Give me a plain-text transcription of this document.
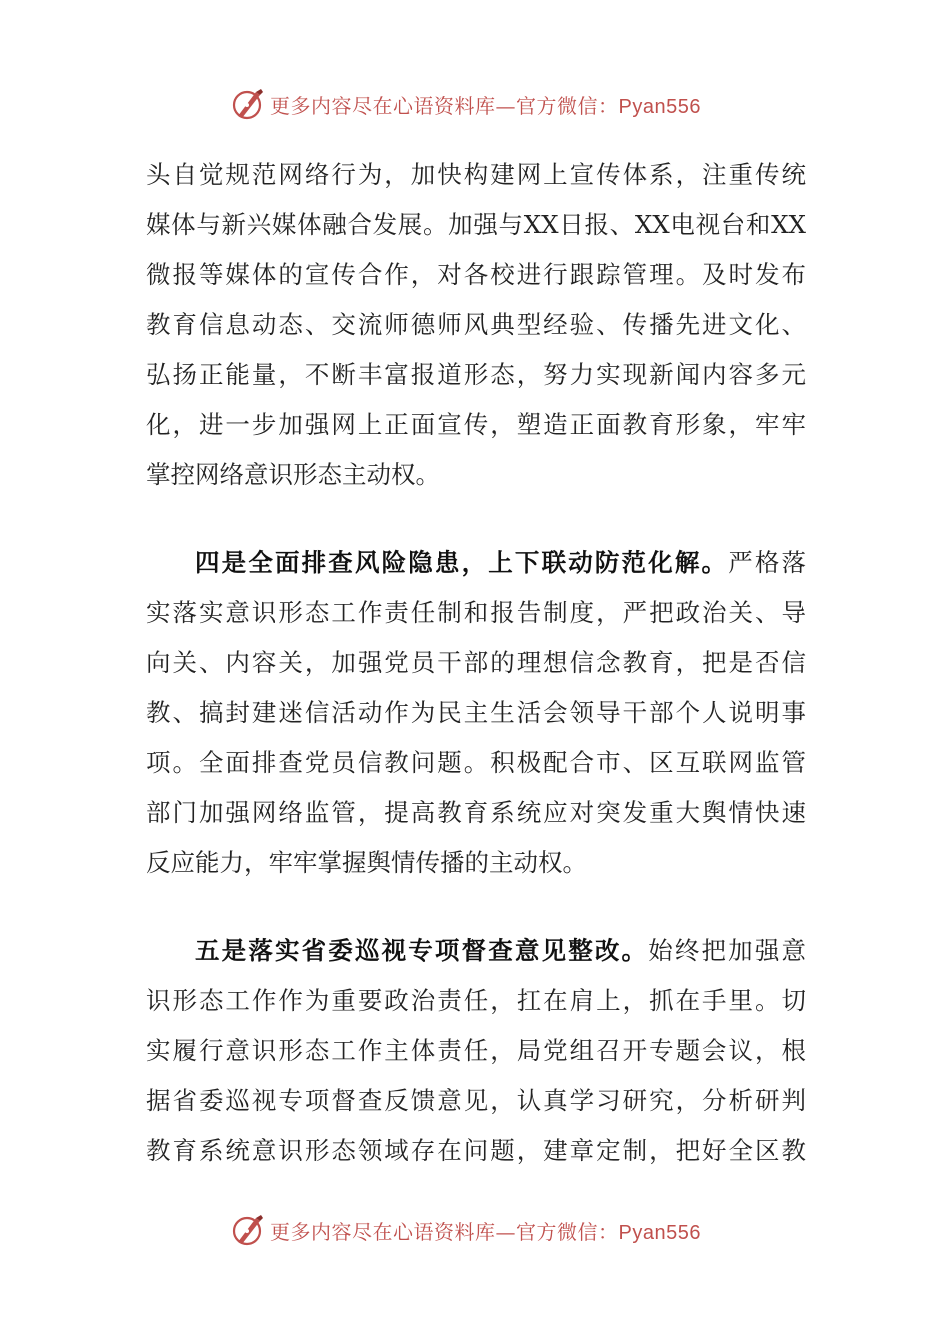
更多内容尽在心语资料库— 官方微信：Pyan556
头自觉规范网络行为，加快构建网上宣传体系，注重传统
媒体与新兴媒体融合发展。加强与XX日报、XX电视台和XX
微报等媒体的宣传合作，对各校进行跟踪管理。及时发布
教育信息动态、交流师德师风典型经验、传播先进文化、
弘扬正能量，不断丰富报道形态，努力实现新闻内容多元
化，进一步加强网上正面宣传，塑造正面教育形象，牢牢
掌控网络意识形态主动权。
四是全面排查风险隐患，上下联动防范化解。严格落
实落实意识形态工作责任制和报告制度，严把政治关、导
向关、内容关，加强党员干部的理想信念教育，把是否信
教、搞封建迷信活动作为民主生活会领导干部个人说明事
项。全面排查党员信教问题。积极配合市、区互联网监管
部门加强网络监管，提高教育系统应对突发重大舆情快速
反应能力，牢牢掌握舆情传播的主动权。
五是落实省委巡视专项督查意见整改。始终把加强意
识形态工作作为重要政治责任，扛在肩上，抓在手里。切
实履行意识形态工作主体责任，局党组召开专题会议，根
据省委巡视专项督查反馈意见，认真学习研究，分析研判
教育系统意识形态领域存在问题，建章定制，把好全区教
更多内容尽在心语资料库— 官方微信：Pyan556
